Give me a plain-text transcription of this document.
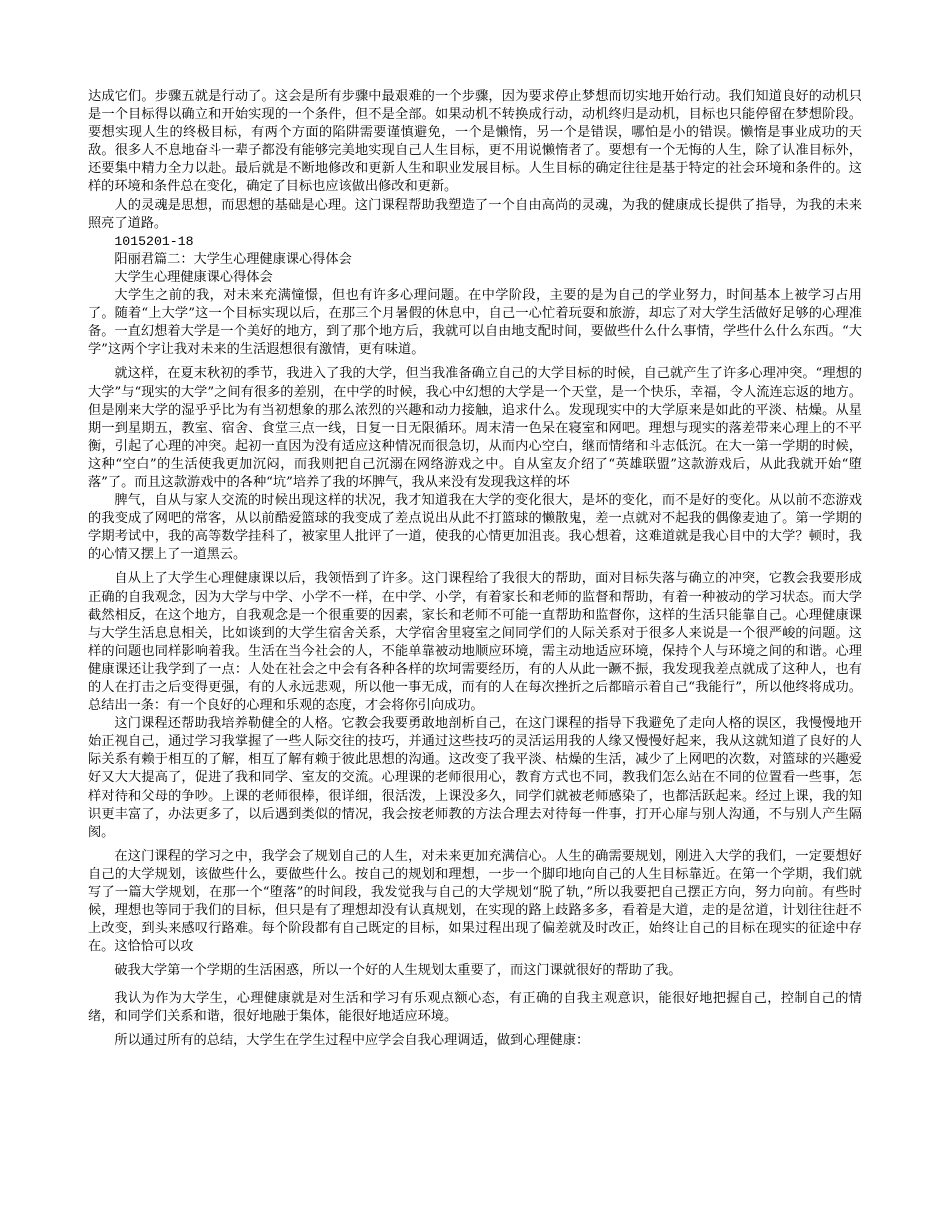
达成它们。步骤五就是行动了。这会是所有步骤中最艰难的一个步骤，因为要求停止梦想而切实地开始行动。我们知道良好的动机只是一个目标得以确立和开始实现的一个条件，但不是全部。如果动机不转换成行动，动机终归是动机，目标也只能停留在梦想阶段。要想实现人生的终极目标，有两个方面的陷阱需要谨慎避免，一个是懒惰，另一个是错误，哪怕是小的错误。懒惰是事业成功的天敌。很多人不息地奋斗一辈子都没有能够完美地实现自己人生目标，更不用说懒惰者了。要想有一个无悔的人生，除了认准目标外，还要集中精力全力以赴。最后就是不断地修改和更新人生和职业发展目标。人生目标的确定往往是基于特定的社会环境和条件的。这样的环境和条件总在变化，确定了目标也应该做出修改和更新。

人的灵魂是思想，而思想的基础是心理。这门课程帮助我塑造了一个自由高尚的灵魂，为我的健康成长提供了指导，为我的未来照亮了道路。

1015201-18

阳丽君篇二：大学生心理健康课心得体会

大学生心理健康课心得体会

大学生之前的我，对未来充满憧憬，但也有许多心理问题。在中学阶段，主要的是为自己的学业努力，时间基本上被学习占用了。随着“上大学”这一个目标实现以后，在那三个月暑假的休息中，自己一心忙着玩耍和旅游，却忘了对大学生活做好足够的心理准备。一直幻想着大学是一个美好的地方，到了那个地方后，我就可以自由地支配时间，要做些什么什么事情，学些什么什么东西。“大学”这两个字让我对未来的生活遐想很有激情，更有味道。

就这样，在夏末秋初的季节，我进入了我的大学，但当我准备确立自己的大学目标的时候，自己就产生了许多心理冲突。“理想的大学”与“现实的大学”之间有很多的差别，在中学的时候，我心中幻想的大学是一个天堂，是一个快乐，幸福，令人流连忘返的地方。但是刚来大学的湿乎乎比为有当初想象的那么浓烈的兴趣和动力接触，追求什么。发现现实中的大学原来是如此的平淡、枯燥。从星期一到星期五，教室、宿舍、食堂三点一线，日复一日无限循环。周末清一色呆在寝室和网吧。理想与现实的落差带来心理上的不平衡，引起了心理的冲突。起初一直因为没有适应这种情况而很急切，从而内心空白，继而情绪和斗志低沉。在大一第一学期的时候，这种“空白”的生活使我更加沉闷，而我则把自己沉溺在网络游戏之中。自从室友介绍了“英雄联盟”这款游戏后，从此我就开始“堕落”了。而且这款游戏中的各种“坑”培养了我的坏脾气，我从来没有发现我这样的坏

脾气，自从与家人交流的时候出现这样的状况，我才知道我在大学的变化很大，是坏的变化，而不是好的变化。从以前不恋游戏的我变成了网吧的常客，从以前酷爱篮球的我变成了差点说出从此不打篮球的懒散鬼，差一点就对不起我的偶像麦迪了。第一学期的学期考试中，我的高等数学挂科了，被家里人批评了一道，使我的心情更加沮丧。我心想着，这难道就是我心目中的大学？顿时，我的心情又摆上了一道黑云。

自从上了大学生心理健康课以后，我领悟到了许多。这门课程给了我很大的帮助，面对目标失落与确立的冲突，它教会我要形成正确的自我观念，因为大学与中学、小学不一样，在中学、小学，有着家长和老师的监督和帮助，有着一种被动的学习状态。而大学截然相反，在这个地方，自我观念是一个很重要的因素，家长和老师不可能一直帮助和监督你，这样的生活只能靠自己。心理健康课与大学生活息息相关，比如谈到的大学生宿舍关系，大学宿舍里寝室之间同学们的人际关系对于很多人来说是一个很严峻的问题。这样的问题也同样影响着我。生活在当今社会的人，不能单靠被动地顺应环境，需主动地适应环境，保持个人与环境之间的和谐。心理健康课还让我学到了一点：人处在社会之中会有各种各样的坎坷需要经历，有的人从此一蹶不振，我发现我差点就成了这种人，也有的人在打击之后变得更强，有的人永远悲观，所以他一事无成，而有的人在每次挫折之后都暗示着自己“我能行”，所以他终将成功。总结出一条：有一个良好的心理和乐观的态度，才会将你引向成功。

这门课程还帮助我培养勒健全的人格。它教会我要勇敢地剖析自己，在这门课程的指导下我避免了走向人格的误区，我慢慢地开始正视自己，通过学习我掌握了一些人际交往的技巧，并通过这些技巧的灵活运用我的人缘又慢慢好起来，我从这就知道了良好的人际关系有赖于相互的了解，相互了解有赖于彼此思想的沟通。这改变了我平淡、枯燥的生活，减少了上网吧的次数，对篮球的兴趣爱好又大大提高了，促进了我和同学、室友的交流。心理课的老师很用心，教育方式也不同，教我们怎么站在不同的位置看一些事，怎样对待和父母的争吵。上课的老师很棒，很详细，很活泼，上课没多久，同学们就被老师感染了，也都活跃起来。经过上课，我的知识更丰富了，办法更多了，以后遇到类似的情况，我会按老师教的方法合理去对待每一件事，打开心扉与别人沟通，不与别人产生隔阂。

在这门课程的学习之中，我学会了规划自己的人生，对未来更加充满信心。人生的确需要规划，刚进入大学的我们，一定要想好自己的大学规划，该做些什么，要做些什么。按自己的规划和理想，一步一个脚印地向自己的人生目标靠近。在第一个学期，我们就写了一篇大学规划，在那一个“堕落”的时间段，我发觉我与自己的大学规划“脱了轨，”所以我要把自己摆正方向，努力向前。有些时候，理想也等同于我们的目标，但只是有了理想却没有认真规划，在实现的路上歧路多多，看着是大道，走的是岔道，计划往往赶不上改变，到头来感叹行路难。每个阶段都有自己既定的目标，如果过程出现了偏差就及时改正，始终让自己的目标在现实的征途中存在。这恰恰可以攻

破我大学第一个学期的生活困惑，所以一个好的人生规划太重要了，而这门课就很好的帮助了我。

我认为作为大学生，心理健康就是对生活和学习有乐观点额心态，有正确的自我主观意识，能很好地把握自己，控制自己的情绪，和同学们关系和谐，很好地融于集体，能很好地适应环境。

所以通过所有的总结，大学生在学生过程中应学会自我心理调适，做到心理健康：
